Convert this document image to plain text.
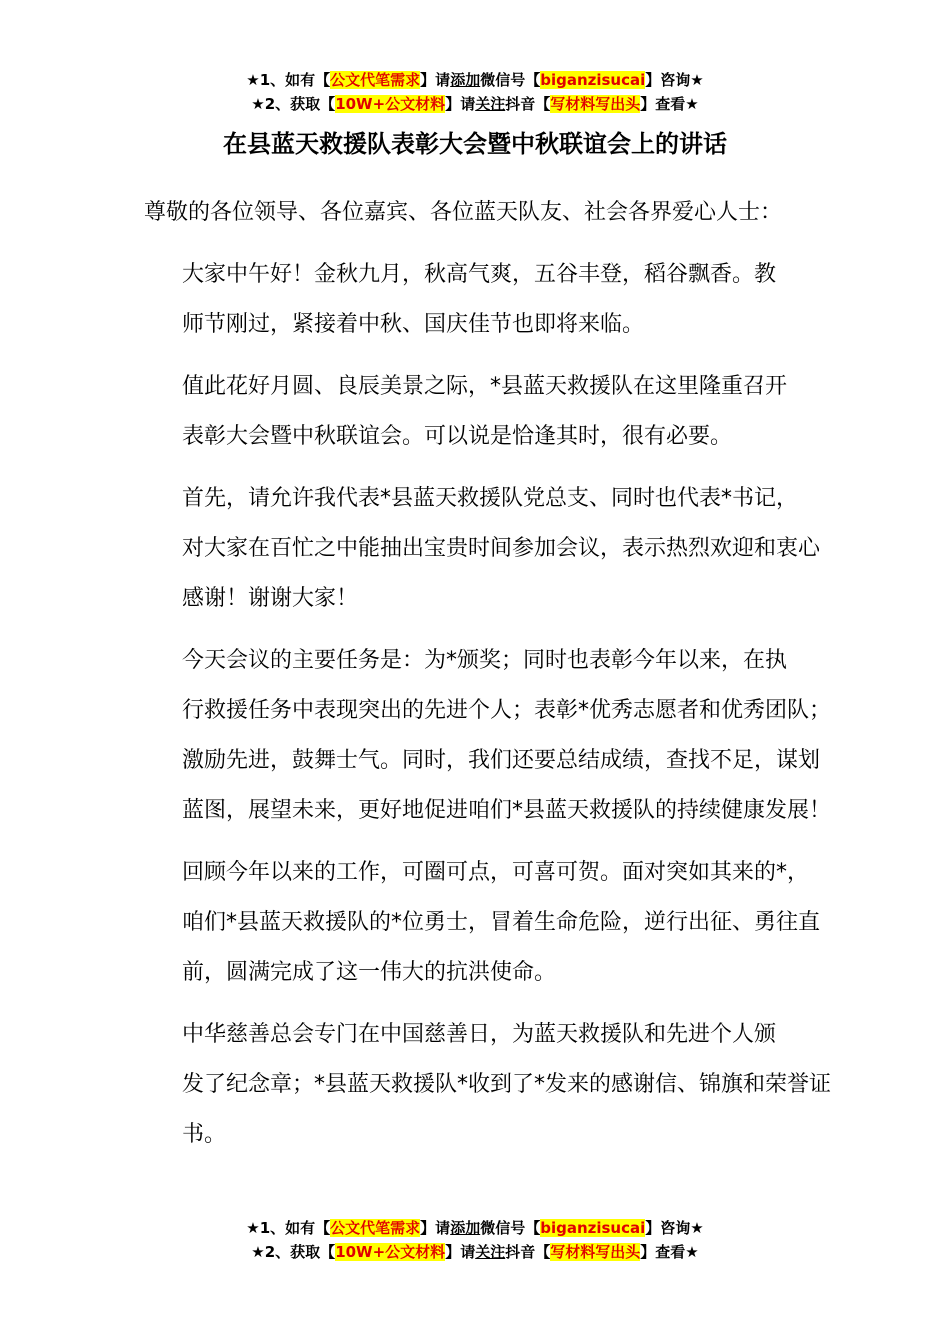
★1、如有【公文代笔需求】请添加微信号【biganzisucai】咨询★
★2、获取【10W+公文材料】请关注抖音【写材料写出头】查看★
在县蓝天救援队表彰大会暨中秋联谊会上的讲话

尊敬的各位领导、各位嘉宾、各位蓝天队友、社会各界爱心人士：

大家中午好！金秋九月，秋高气爽，五谷丰登，稻谷飘香。教
师节刚过，紧接着中秋、国庆佳节也即将来临。

值此花好月圆、良辰美景之际，*县蓝天救援队在这里隆重召开
表彰大会暨中秋联谊会。可以说是恰逢其时，很有必要。

首先，请允许我代表*县蓝天救援队党总支、同时也代表*书记，
对大家在百忙之中能抽出宝贵时间参加会议，表示热烈欢迎和衷心
感谢！谢谢大家！

今天会议的主要任务是：为*颁奖；同时也表彰今年以来，在执
行救援任务中表现突出的先进个人；表彰*优秀志愿者和优秀团队；
激励先进，鼓舞士气。同时，我们还要总结成绩，查找不足，谋划
蓝图，展望未来，更好地促进咱们*县蓝天救援队的持续健康发展！

回顾今年以来的工作，可圈可点，可喜可贺。面对突如其来的*，
咱们*县蓝天救援队的*位勇士，冒着生命危险，逆行出征、勇往直
前，圆满完成了这一伟大的抗洪使命。

中华慈善总会专门在中国慈善日，为蓝天救援队和先进个人颁
发了纪念章；*县蓝天救援队*收到了*发来的感谢信、锦旗和荣誉证
书。

★1、如有【公文代笔需求】请添加微信号【biganzisucai】咨询★
★2、获取【10W+公文材料】请关注抖音【写材料写出头】查看★
